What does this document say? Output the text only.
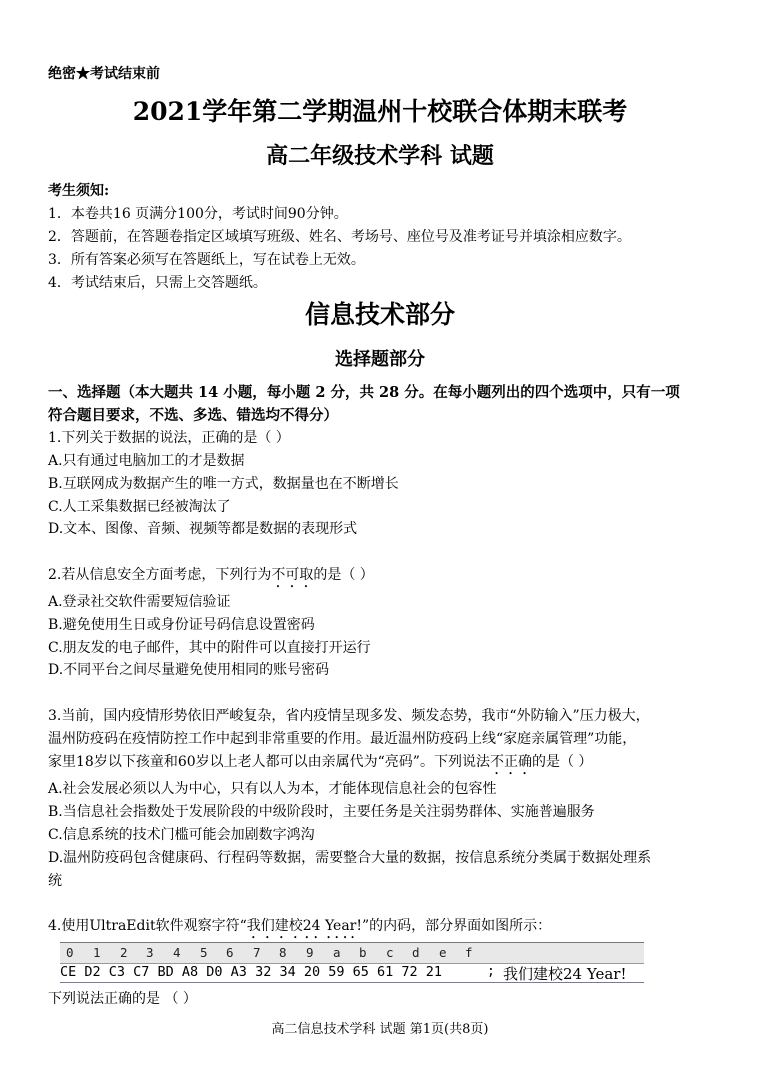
绝密★考试结束前
2021学年第二学期温州十校联合体期末联考
高二年级技术学科 试题
考生须知:
1．本卷共16 页满分100分，考试时间90分钟。
2．答题前，在答题卷指定区域填写班级、姓名、考场号、座位号及准考证号并填涂相应数字。
3．所有答案必须写在答题纸上，写在试卷上无效。
4．考试结束后，只需上交答题纸。
信息技术部分
选择题部分
一、选择题（本大题共 14 小题，每小题 2 分，共 28 分。在每小题列出的四个选项中，只有一项
符合题目要求，不选、多选、错选均不得分）
1.下列关于数据的说法，正确的是（ ）
A.只有通过电脑加工的才是数据
B.互联网成为数据产生的唯一方式，数据量也在不断增长
C.人工采集数据已经被淘汰了
D.文本、图像、音频、视频等都是数据的表现形式
2.若从信息安全方面考虑，下列行为不可取的是（ ）
A.登录社交软件需要短信验证
B.避免使用生日或身份证号码信息设置密码
C.朋友发的电子邮件，其中的附件可以直接打开运行
D.不同平台之间尽量避免使用相同的账号密码
3.当前，国内疫情形势依旧严峻复杂，省内疫情呈现多发、频发态势，我市“外防输入”压力极大，
温州防疫码在疫情防控工作中起到非常重要的作用。最近温州防疫码上线“家庭亲属管理”功能，
家里18岁以下孩童和60岁以上老人都可以由亲属代为“亮码”。下列说法不正确的是（ ）
A.社会发展必须以人为中心，只有以人为本，才能体现信息社会的包容性
B.当信息社会指数处于发展阶段的中级阶段时，主要任务是关注弱势群体、实施普遍服务
C.信息系统的技术门槛可能会加剧数字鸿沟
D.温州防疫码包含健康码、行程码等数据，需要整合大量的数据，按信息系统分类属于数据处理系
统
4.使用UltraEdit软件观察字符“我们建校24 Year!”的内码，部分界面如图所示：
0 1 2 3 4 5 6 7 8 9 a b c d e f
CE D2 C3 C7 BD A8 D0 A3 32 34 20 59 65 61 72 21	; 我们建校24 Year!
下列说法正确的是 （ ）
高二信息技术学科 试题 第1页(共8页)
